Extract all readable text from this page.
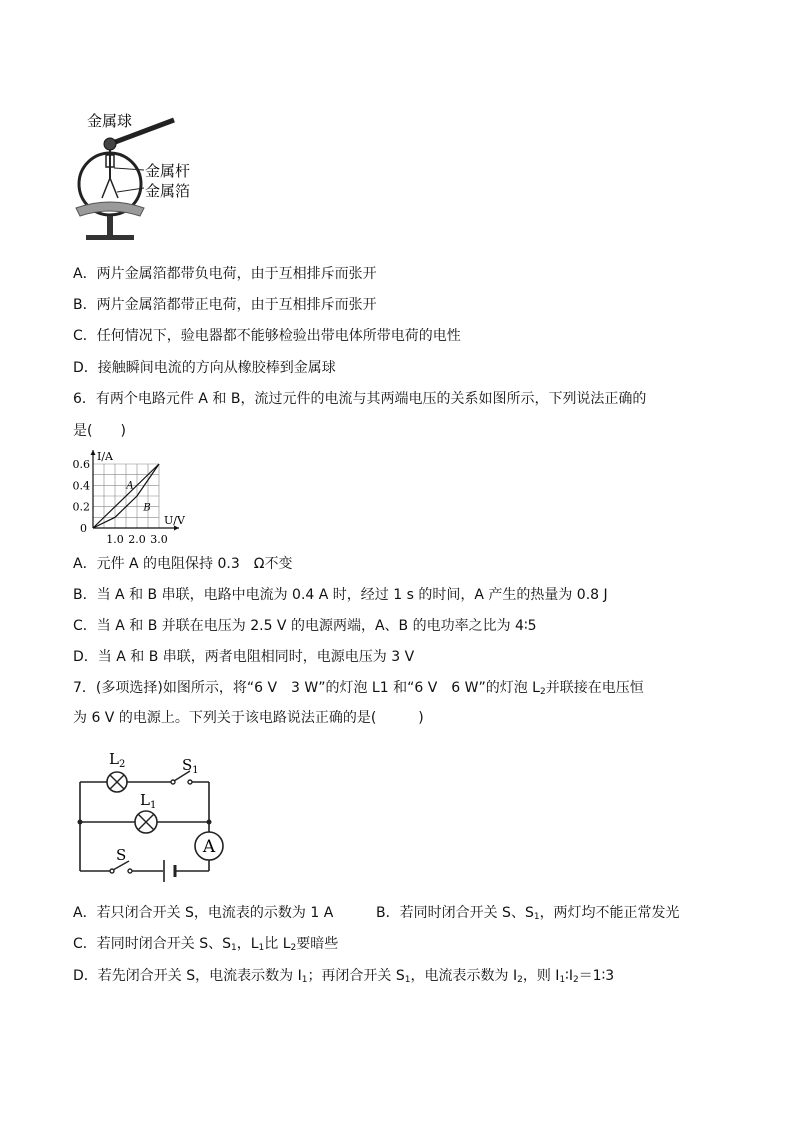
金属球
金属杆
金属箔
A．两片金属箔都带负电荷，由于互相排斥而张开
B．两片金属箔都带正电荷，由于互相排斥而张开
C．任何情况下，验电器都不能够检验出带电体所带电荷的电性
D．接触瞬间电流的方向从橡胶棒到金属球
6．有两个电路元件 A 和 B，流过元件的电流与其两端电压的关系如图所示，下列说法正确的
是(　　)
A
B
0.2
0.4
0.6
1.0 2.0 3.0
0
I/A
U/V
A．元件 A 的电阻保持 0.3　Ω不变
B．当 A 和 B 串联，电路中电流为 0.4 A 时，经过 1 s 的时间，A 产生的热量为 0.8 J
C．当 A 和 B 并联在电压为 2.5 V 的电源两端，A、B 的电功率之比为 4∶5
D．当 A 和 B 串联，两者电阻相同时，电源电压为 3 V
7．(多项选择)如图所示，将“6 V　3 W”的灯泡 L1 和“6 V　6 W”的灯泡 $L_2$并联接在电压恒
为 6 V 的电源上。下列关于该电路说法正确的是(　　　)
$L_2$	$S_1$
$L_1$
A
S
A．若只闭合开关 S，电流表的示数为 1 A	B．若同时闭合开关 S、$S_1$，两灯均不能正常发光
C．若同时闭合开关 S、$S_1$，$L_1$比 $L_2$要暗些
D．若先闭合开关 S，电流表示数为 $I_1$；再闭合开关 $S_1$，电流表示数为 $I_2$，则 $I_1∶I_2=1∶3$
